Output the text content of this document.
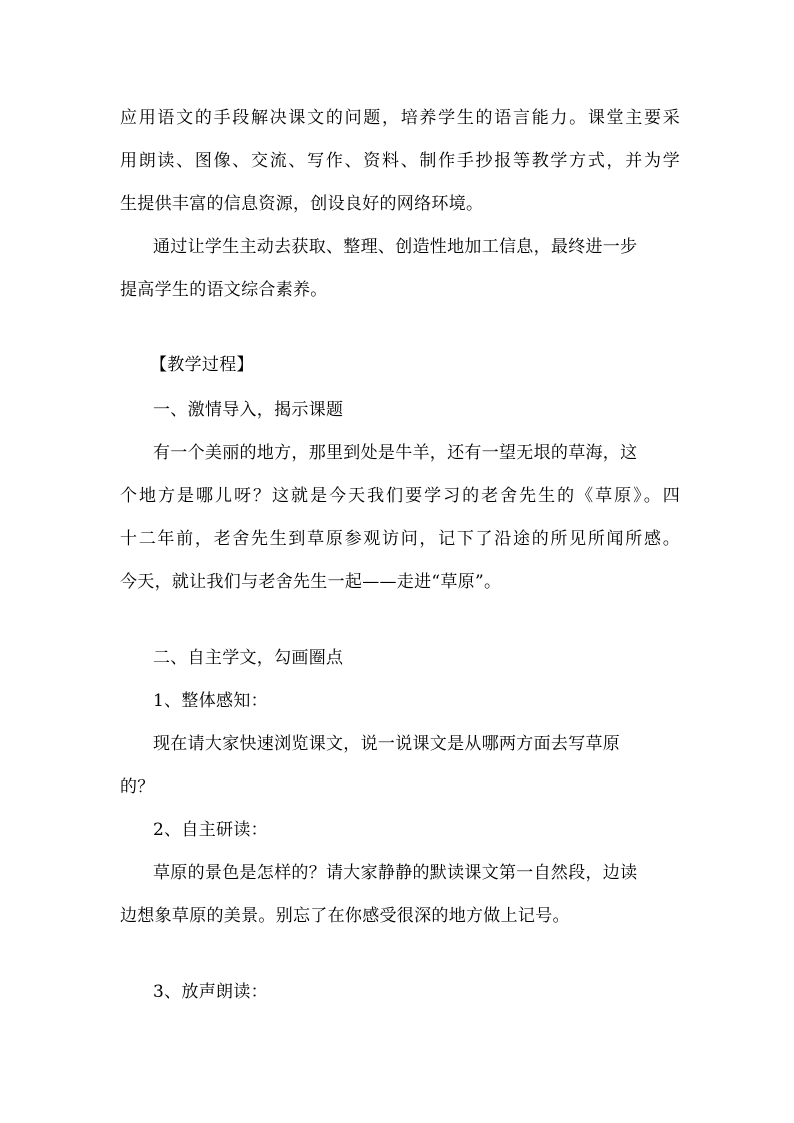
应用语文的手段解决课文的问题，培养学生的语言能力。课堂主要采
用朗读、图像、交流、写作、资料、制作手抄报等教学方式，并为学
生提供丰富的信息资源，创设良好的网络环境。
通过让学生主动去获取、整理、创造性地加工信息，最终进一步
提高学生的语文综合素养。
【教学过程】
一、激情导入，揭示课题
有一个美丽的地方，那里到处是牛羊，还有一望无垠的草海，这
个地方是哪儿呀？这就是今天我们要学习的老舍先生的《草原》。四
十二年前，老舍先生到草原参观访问，记下了沿途的所见所闻所感。
今天，就让我们与老舍先生一起——走进“草原”。
二、自主学文，勾画圈点
1、整体感知：
现在请大家快速浏览课文，说一说课文是从哪两方面去写草原
的？
2、自主研读：
草原的景色是怎样的？请大家静静的默读课文第一自然段，边读
边想象草原的美景。别忘了在你感受很深的地方做上记号。
3、放声朗读：
